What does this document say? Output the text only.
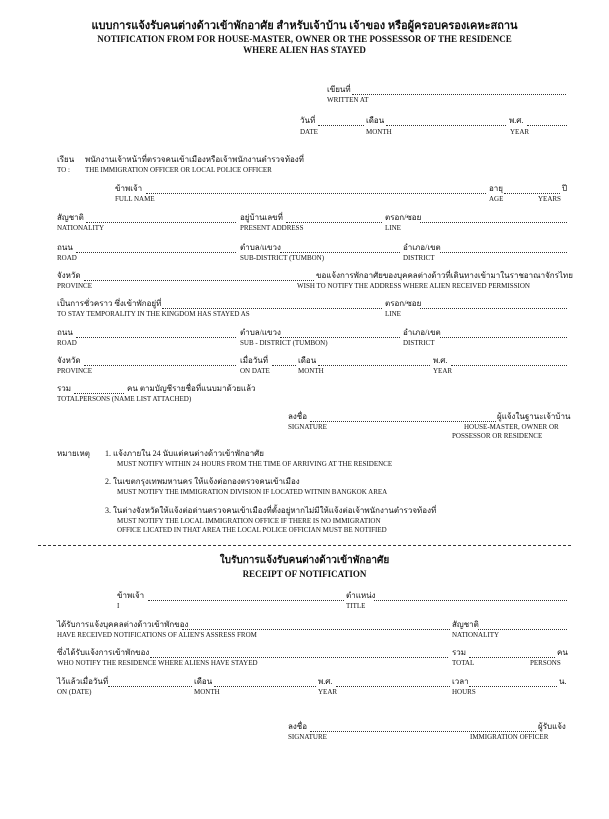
แบบการแจ้งรับคนต่างด้าวเข้าพักอาศัย สำหรับเจ้าบ้าน เจ้าของ หรือผู้ครอบครองเคหะสถาน
NOTIFICATION FROM FOR HOUSE-MASTER, OWNER OR THE POSSESSOR OF THE RESIDENCE
WHERE ALIEN HAS STAYED
เขียนที่
WRITTEN AT
วันที่	เดือน	พ.ศ.
DATE	MONTH	YEAR
เรียน พนักงานเจ้าหน้าที่ตรวจคนเข้าเมืองหรือเจ้าพนักงานตำรวจท้องที่
TO : THE IMMIGRATION OFFICER OR LOCAL POLICE OFFICER
ข้าพเจ้า	อายุ	ปี
FULL NAME	AGE	YEARS
สัญชาติ	อยู่บ้านเลขที่	ตรอก/ซอย
NATIONALITY	PRESENT ADDRESS	LINE
ถนน	ตำบล/แขวง	อำเภอ/เขต
ROAD	SUB-DISTRICT (TUMBON)	DISTRICT
จังหวัด	ขอแจ้งการพักอาศัยของบุคคลต่างด้าวที่เดินทางเข้ามาในราชอาณาจักรไทย
PROVINCE	WISH TO NOTIFY THE ADDRESS WHERE ALIEN RECEIVED PERMISSION
เป็นการชั่วคราว ซึ่งเข้าพักอยู่ที่	ตรอก/ซอย
TO STAY TEMPORALITY IN THE KINGDOM HAS STAYED AS	LINE
ถนน	ตำบล/แขวง	อำเภอ/เขต
ROAD	SUB - DISTRICT (TUMBON)	DISTRICT
จังหวัด	เมื่อวันที่	เดือน	พ.ศ.
PROVINCE	ON DATE	MONTH	YEAR
รวม	คน ตามบัญชีรายชื่อที่แนบมาด้วยแล้ว
TOTALPERSONS (NAME LIST ATTACHED)
ลงชื่อ	ผู้แจ้งในฐานะเจ้าบ้าน
SIGNATURE	HOUSE-MASTER, OWNER OR
POSSESSOR OR RESIDENCE
หมายเหตุ 1. แจ้งภายใน 24 นับแต่คนต่างด้าวเข้าพักอาศัย
MUST NOTIFY WITHIN 24 HOURS FROM THE TIME OF ARRIVING AT THE RESIDENCE
2. ในเขตกรุงเทพมหานคร ให้แจ้งต่อกองตรวจคนเข้าเมือง
MUST NOTIFY THE IMMIGRATION DIVISION IF LOCATED WITNIN BANGKOK AREA
3. ในต่างจังหวัดให้แจ้งต่อด่านตรวจคนเข้าเมืองที่ตั้งอยู่หากไม่มีให้แจ้งต่อเจ้าพนักงานตำรวจท้องที่
MUST NOTIFY THE LOCAL IMMIGRATION OFFICE IF THERE IS NO IMMIGRATION
OFFICE LICATED IN THAT AREA THE LOCAL POLICE OFFICIAN MUST BE NOTIFIED
ใบรับการแจ้งรับคนต่างด้าวเข้าพักอาศัย
RECEIPT OF NOTIFICATION
ข้าพเจ้า	ตำแหน่ง
I	TITLE
ได้รับการแจ้งบุคคลต่างด้าวเข้าพักของ	สัญชาติ
HAVE RECEIVED NOTIFICATIONS OF ALIEN'S ASSRESS FROM	NATIONALITY
ซึ่งได้รับแจ้งการเข้าพักของ	รวม	คน
WHO NOTIFY THE RESIDENCE WHERE ALIENS HAVE STAYED	TOTAL	PERSONS
ไว้แล้วเมื่อวันที่	เดือน	พ.ศ.	เวลา	น.
ON (DATE)	MONTH	YEAR	HOURS
ลงชื่อ	ผู้รับแจ้ง
SIGNATURE	IMMIGRATION OFFICER
